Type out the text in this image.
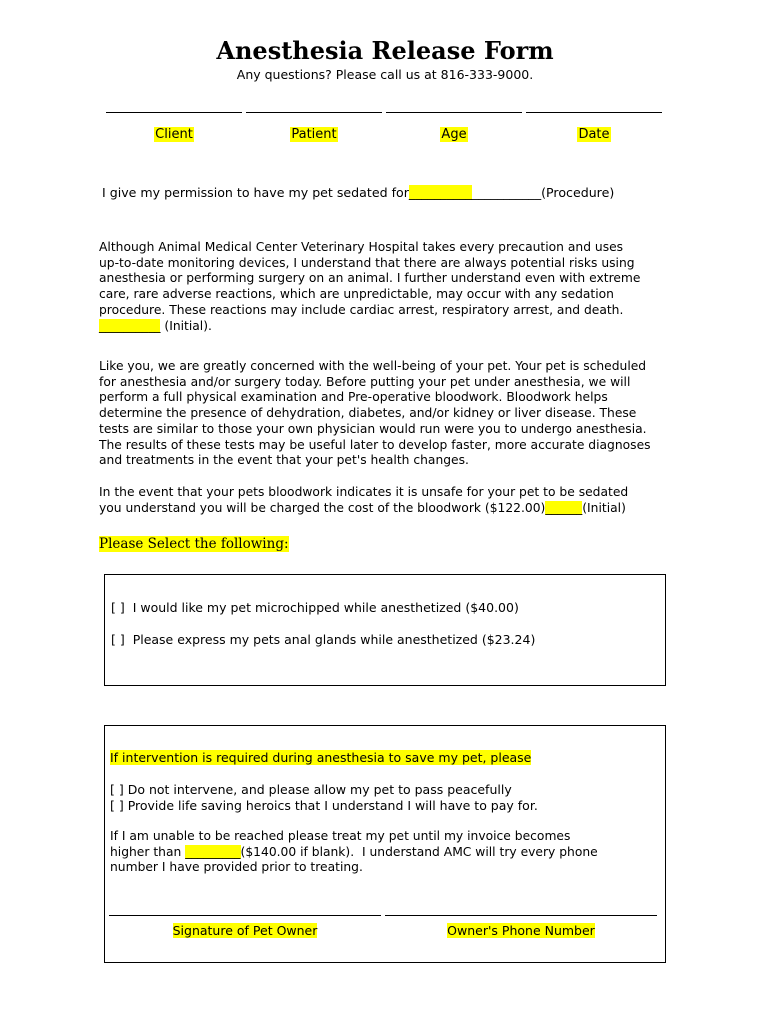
Anesthesia Release Form
Any questions? Please call us at 816-333-9000.
Client	Patient	Age	Date
I give my permission to have my pet sedated for_____________________(Procedure)
Although Animal Medical Center Veterinary Hospital takes every precaution and uses
up-to-date monitoring devices, I understand that there are always potential risks using
anesthesia or performing surgery on an animal. I further understand even with extreme
care, rare adverse reactions, which are unpredictable, may occur with any sedation
procedure. These reactions may include cardiac arrest, respiratory arrest, and death.
__________ (Initial).
Like you, we are greatly concerned with the well-being of your pet. Your pet is scheduled
for anesthesia and/or surgery today. Before putting your pet under anesthesia, we will
perform a full physical examination and Pre-operative bloodwork. Bloodwork helps
determine the presence of dehydration, diabetes, and/or kidney or liver disease. These
tests are similar to those your own physician would run were you to undergo anesthesia.
The results of these tests may be useful later to develop faster, more accurate diagnoses
and treatments in the event that your pet's health changes.
In the event that your pets bloodwork indicates it is unsafe for your pet to be sedated
you understand you will be charged the cost of the bloodwork ($122.00)______(Initial)
Please Select the following:
[ ] I would like my pet microchipped while anesthetized ($40.00)
[ ] Please express my pets anal glands while anesthetized ($23.24)
If intervention is required during anesthesia to save my pet, please
[ ] Do not intervene, and please allow my pet to pass peacefully
[ ] Provide life saving heroics that I understand I will have to pay for.
If I am unable to be reached please treat my pet until my invoice becomes
higher than _________($140.00 if blank).  I understand AMC will try every phone
number I have provided prior to treating.
Signature of Pet Owner	Owner's Phone Number
